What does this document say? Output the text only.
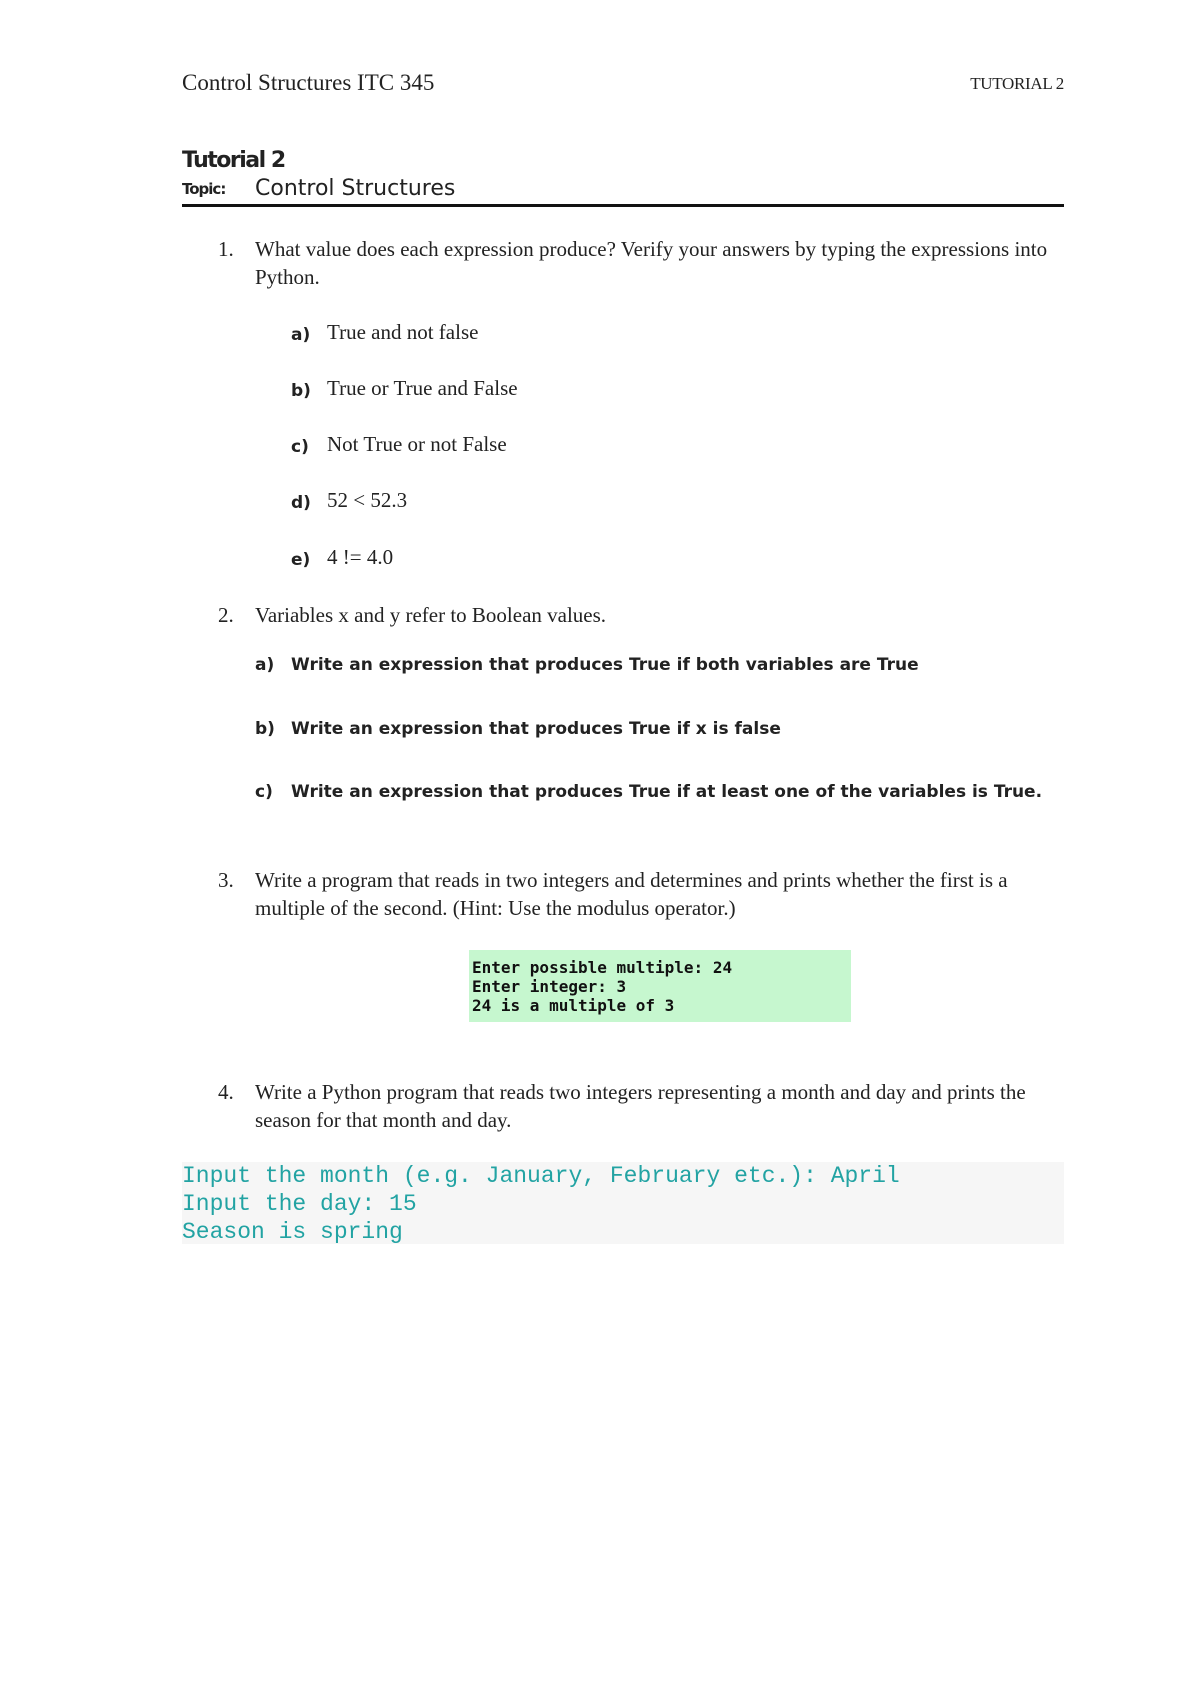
Control Structures ITC 345	TUTORIAL 2
Tutorial 2
Topic: Control Structures
1. What value does each expression produce? Verify your answers by typing the expressions into Python.
a) True and not false
b) True or True and False
c) Not True or not False
d) 52 < 52.3
e) 4 != 4.0
2. Variables x and y refer to Boolean values.
a) Write an expression that produces True if both variables are True
b) Write an expression that produces True if x is false
c) Write an expression that produces True if at least one of the variables is True.
3. Write a program that reads in two integers and determines and prints whether the first is a multiple of the second. (Hint: Use the modulus operator.)
Enter possible multiple: 24
Enter integer: 3
24 is a multiple of 3
4. Write a Python program that reads two integers representing a month and day and prints the season for that month and day.
Input the month (e.g. January, February etc.): April
Input the day: 15
Season is spring
